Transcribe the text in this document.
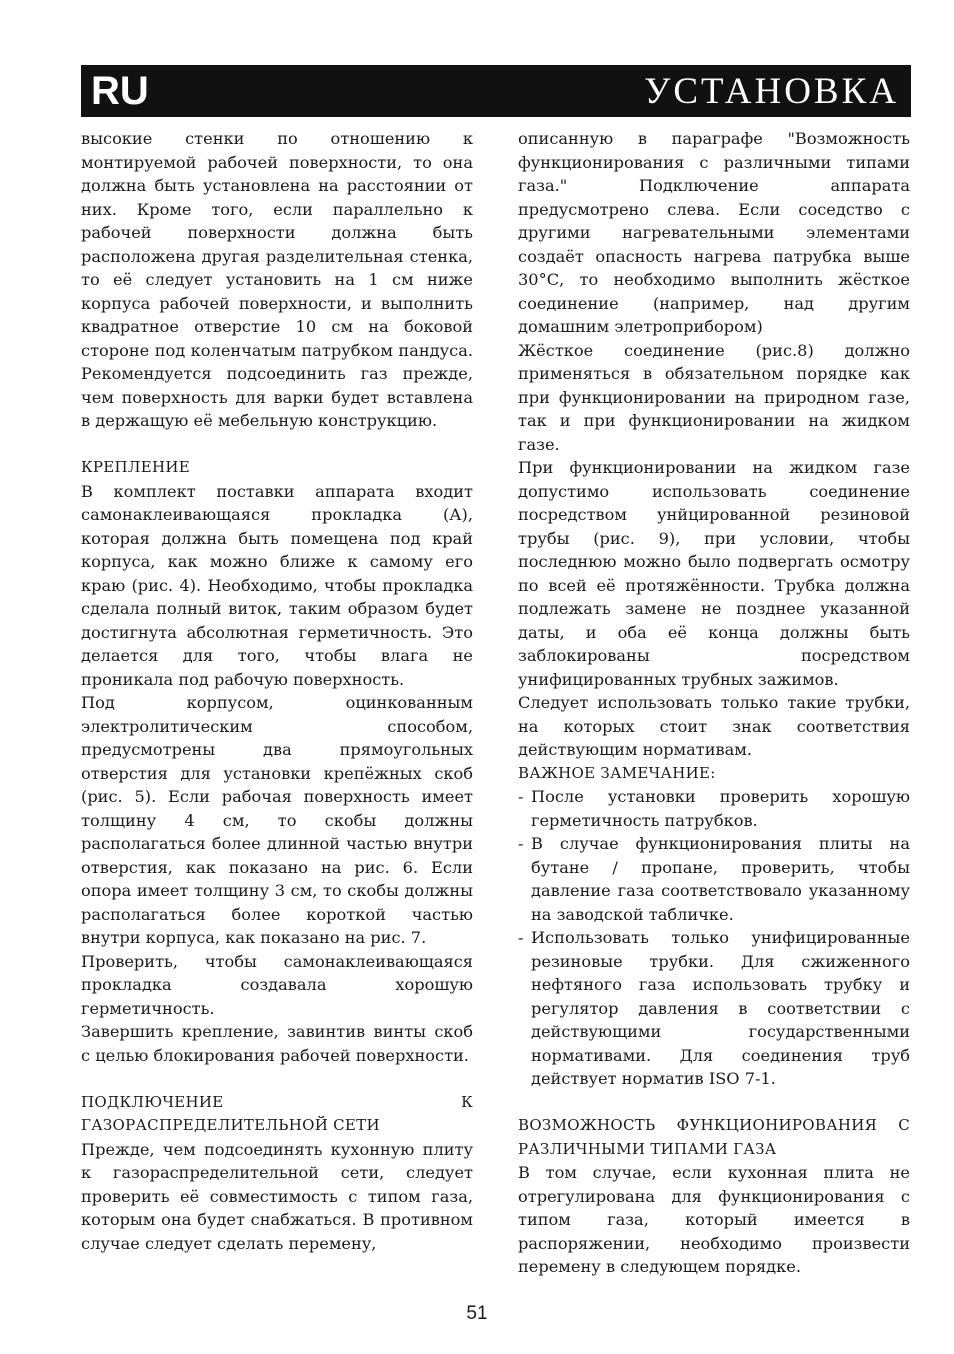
RU	УСТАНОВКА

высокие стенки по отношению к монтируемой рабочей поверхности, то она должна быть установлена на расстоянии от них. Кроме того, если параллельно к рабочей поверхности должна быть расположена другая разделительная стенка, то её следует установить на 1 см ниже корпуса рабочей поверхности, и выполнить квадратное отверстие 10 см на боковой стороне под коленчатым патрубком пандуса. Рекомендуется подсоединить газ прежде, чем поверхность для варки будет вставлена в держащую её мебельную конструкцию.

КРЕПЛЕНИЕ

В комплект поставки аппарата входит самонаклеивающаяся прокладка (А), которая должна быть помещена под край корпуса, как можно ближе к самому его краю (рис. 4). Необходимо, чтобы прокладка сделала полный виток, таким образом будет достигнута абсолютная герметичность. Это делается для того, чтобы влага не проникала под рабочую поверхность.

Под корпусом, оцинкованным электролитическим способом, предусмотрены два прямоугольных отверстия для установки крепёжных скоб (рис. 5). Если рабочая поверхность имеет толщину 4 см, то скобы должны располагаться более длинной частью внутри отверстия, как показано на рис. 6. Если опора имеет толщину 3 см, то скобы должны располагаться более короткой частью внутри корпуса, как показано на рис. 7.

Проверить, чтобы самонаклеивающаяся прокладка создавала хорошую герметичность.

Завершить крепление, завинтив винты скоб с целью блокирования рабочей поверхности.

ПОДКЛЮЧЕНИЕ К ГАЗОРАСПРЕДЕЛИТЕЛЬНОЙ СЕТИ

Прежде, чем подсоединять кухонную плиту к газораспределительной сети, следует проверить её совместимость с типом газа, которым она будет снабжаться. В противном случае следует сделать перемену,

описанную в параграфе "Возможность функционирования с различными типами газа." Подключение аппарата предусмотрено слева. Если соседство с другими нагревательными элементами создаёт опасность нагрева патрубка выше 30°С, то необходимо выполнить жёсткое соединение (например, над другим домашним элетроприбором)

Жёсткое соединение (рис.8) должно применяться в обязательном порядке как при функционировании на природном газе, так и при функционировании на жидком газе.

При функционировании на жидком газе допустимо использовать соединение посредством унйцированной резиновой трубы (рис. 9), при условии, чтобы последнюю можно было подвергать осмотру по всей её протяжённости. Трубка должна подлежать замене не позднее указанной даты, и оба её конца должны быть заблокированы посредством унифицированных трубных зажимов.

Следует использовать только такие трубки, на которых стоит знак соответствия действующим нормативам.

ВАЖНОЕ ЗАМЕЧАНИЕ:

- После установки проверить хорошую герметичность патрубков.
- В случае функционирования плиты на бутане / пропане, проверить, чтобы давление газа соответствовало указанному на заводской табличке.
- Использовать только унифицированные резиновые трубки. Для сжиженного нефтяного газа использовать трубку и регулятор давления в соответствии с действующими государственными нормативами. Для соединения труб действует норматив ISO 7-1.

ВОЗМОЖНОСТЬ ФУНКЦИОНИРОВАНИЯ С РАЗЛИЧНЫМИ ТИПАМИ ГАЗА

В том случае, если кухонная плита не отрегулирована для функционирования с типом газа, который имеется в распоряжении, необходимо произвести перемену в следующем порядке.

51
